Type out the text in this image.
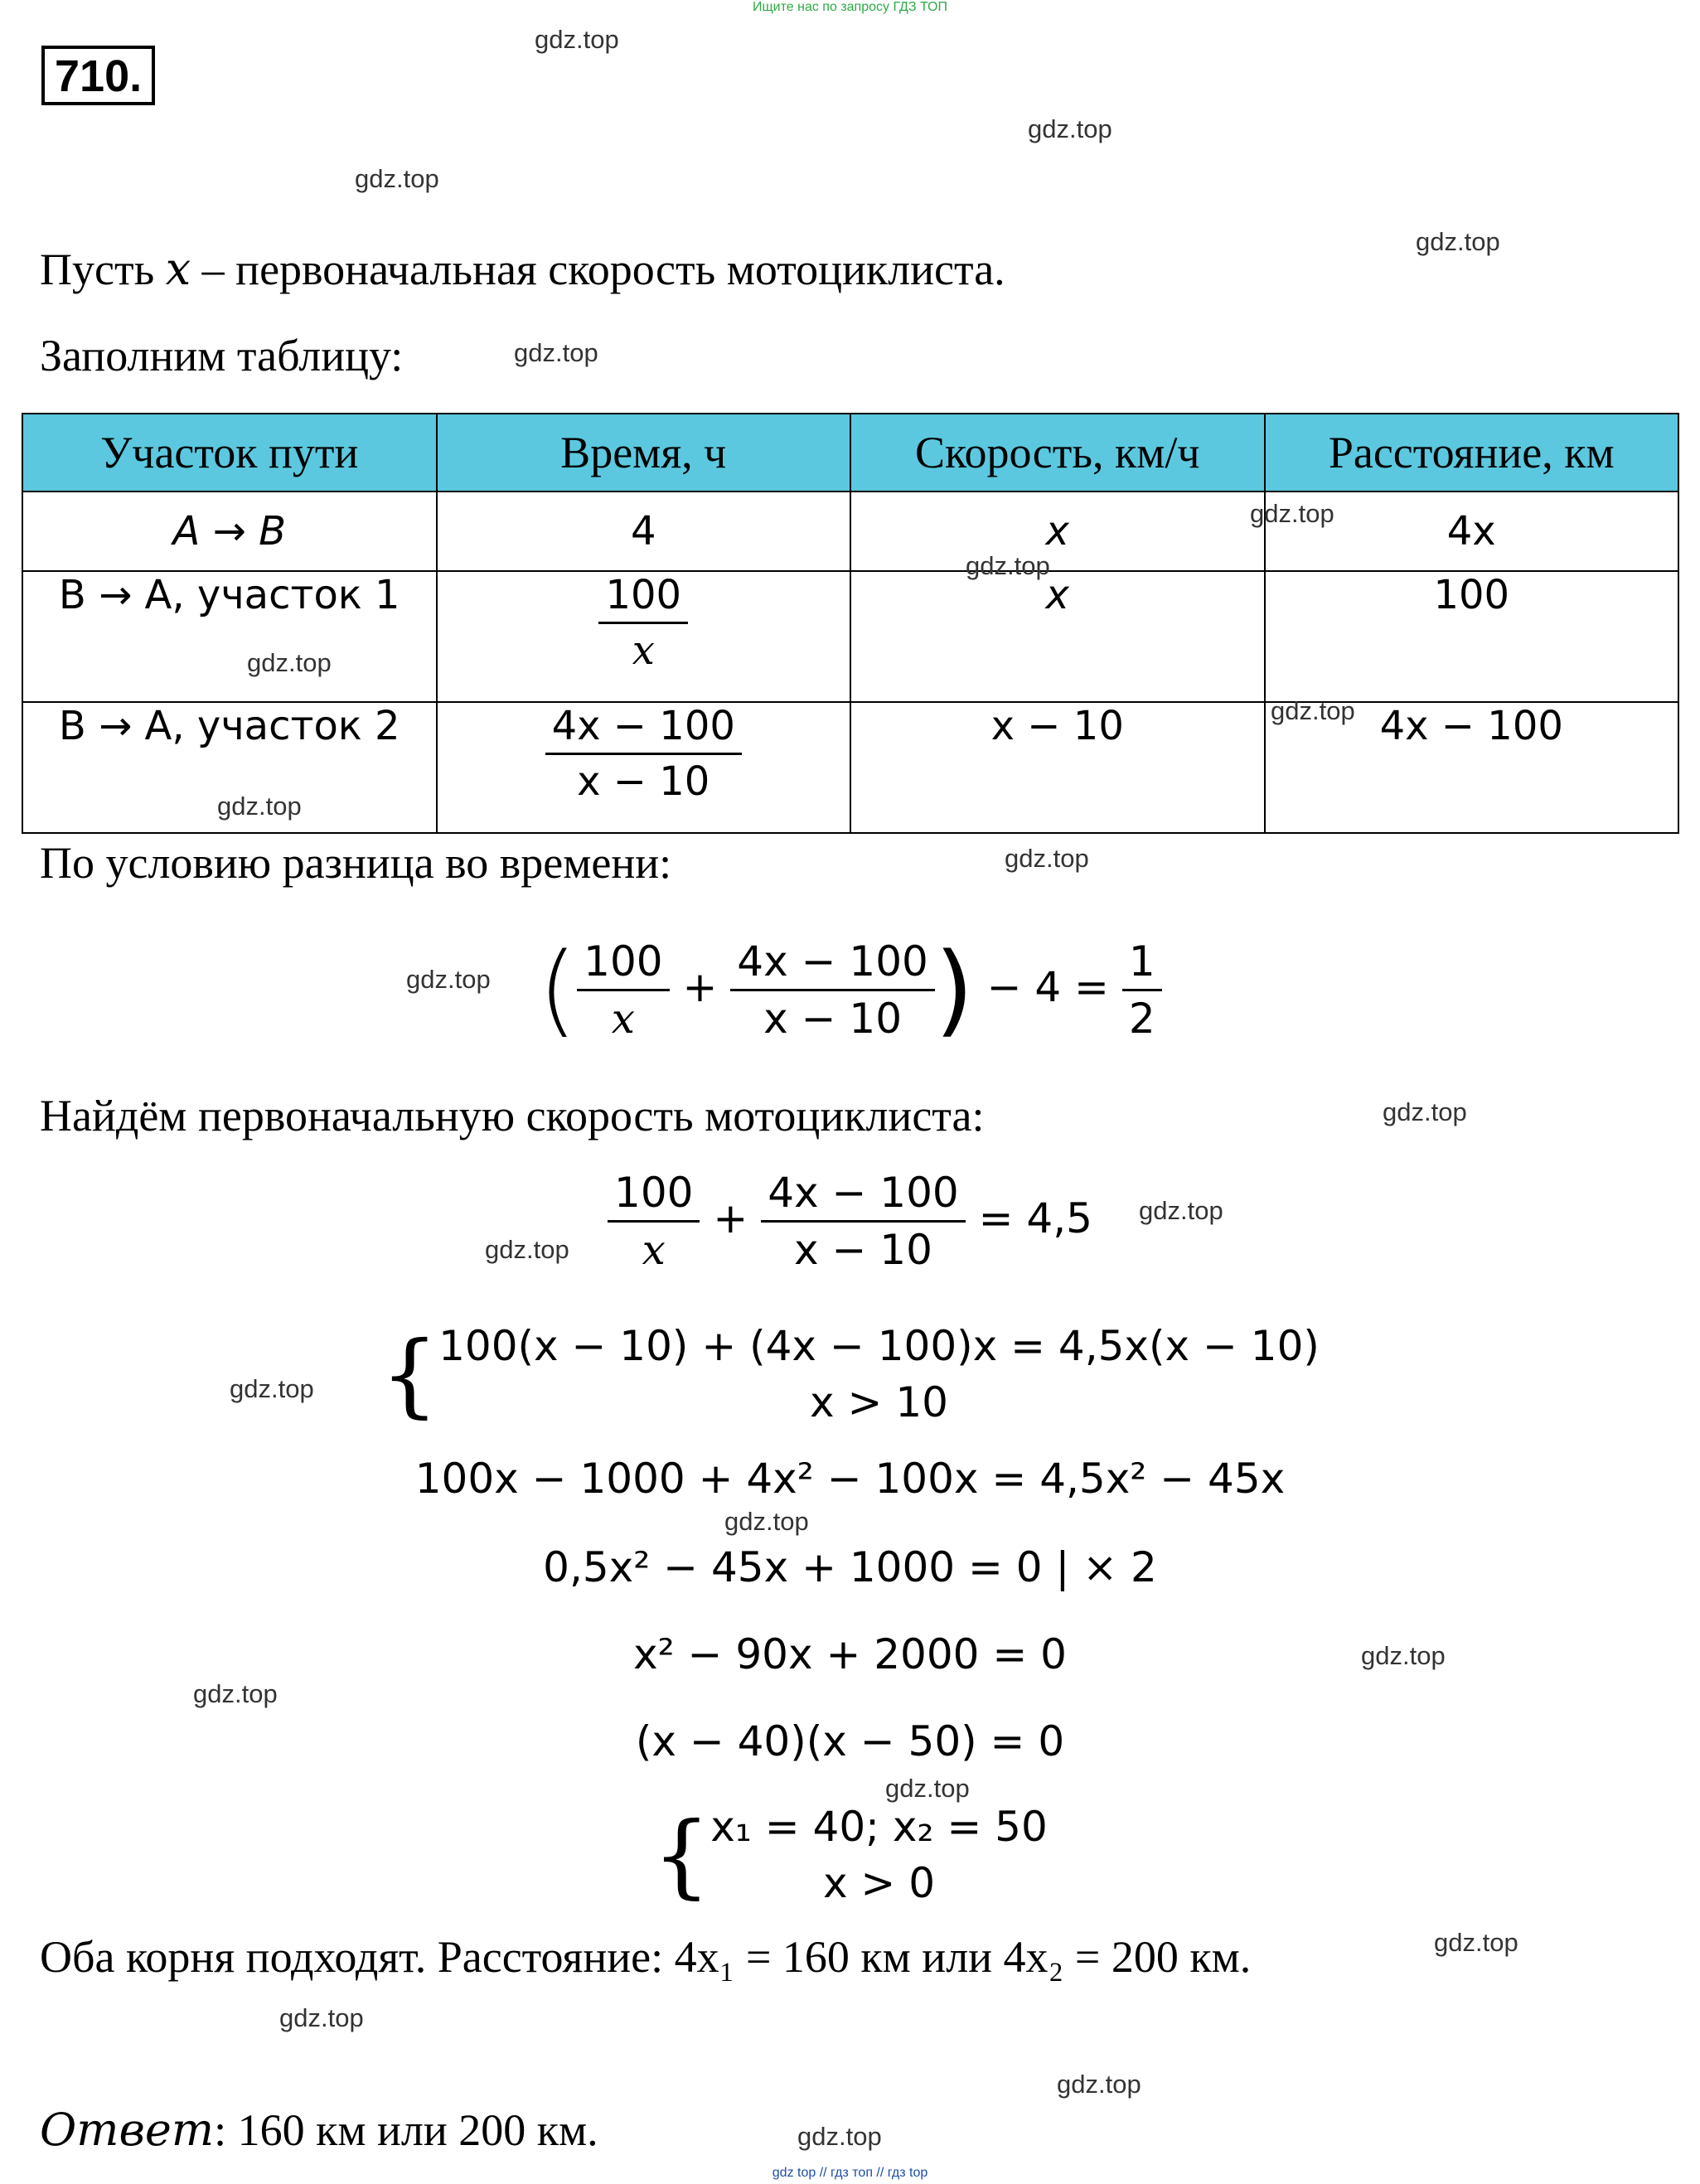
Ищите нас по запросу ГДЗ ТОП
710.
gdz.top
gdz.top
gdz.top
gdz.top
gdz.top
Пусть x – первоначальная скорость мотоциклиста.
Заполним таблицу:
Участок пути	Время, ч	Скорость, км/ч	Расстояние, км
A → B	4	x	4x
B → A, участок 1	$\frac{100}{x}$	x	100
B → A, участок 2	$\frac{4x - 100}{x - 10}$	x − 10	4x − 100
gdz.top
gdz.top
gdz.top
gdz.top
gdz.top
По условию разница во времени:	gdz.top
( $\frac{100}{x} + \frac{4x - 100}{x - 10}$ ) − $4 = \frac{1}{2}$
gdz.top
Найдём первоначальную скорость мотоциклиста:	gdz.top
$\frac{100}{x} + \frac{4x - 100}{x - 10} = 4,5$	gdz.top
gdz.top
{ 100(x − 10) + (4x − 100)x = 4,5x(x − 10)
x > 10
gdz.top
100x − 1000 + 4x² − 100x = 4,5x² − 45x
gdz.top
0,5x² − 45x + 1000 = 0 | × 2
x² − 90x + 2000 = 0	gdz.top
gdz.top
(x − 40)(x − 50) = 0
gdz.top
{ x₁ = 40; x₂ = 50
x > 0
Оба корня подходят. Расстояние: 4x₁ = 160 км или 4x₂ = 200 км.	gdz.top
gdz.top
gdz.top
Ответ: 160 км или 200 км.	gdz.top
gdz top // гдз топ // гдз top
